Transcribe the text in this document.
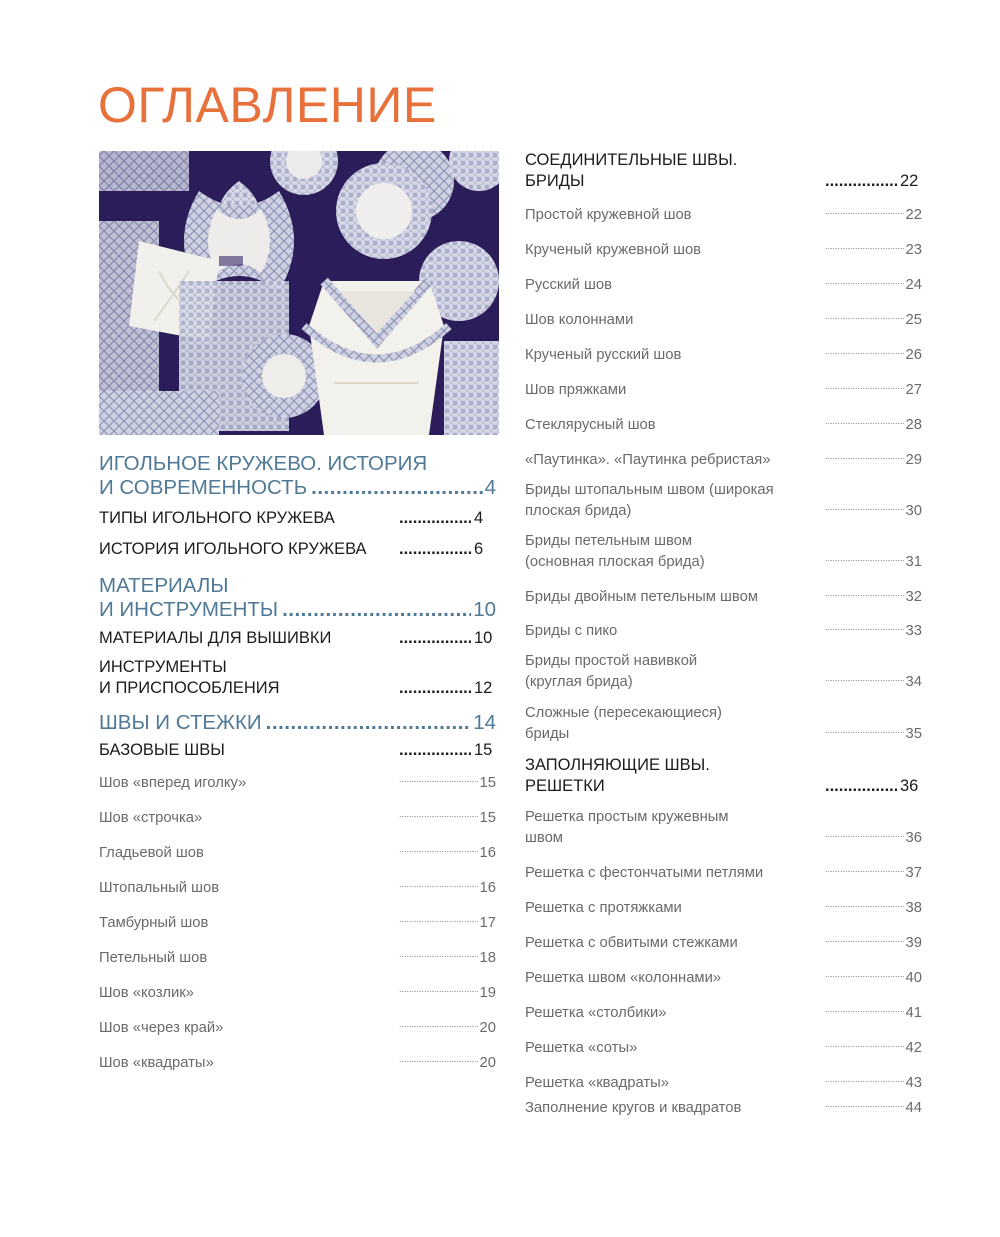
ОГЛАВЛЕНИЕ
ИГОЛЬНОЕ КРУЖЕВО. ИСТОРИЯ
И СОВРЕМЕННОСТЬ .....	4
ТИПЫ ИГОЛЬНОГО КРУЖЕВА .....	4
ИСТОРИЯ ИГОЛЬНОГО КРУЖЕВА .....	6
МАТЕРИАЛЫ
И ИНСТРУМЕНТЫ .....	10
МАТЕРИАЛЫ ДЛЯ ВЫШИВКИ .....	10
ИНСТРУМЕНТЫ
И ПРИСПОСОБЛЕНИЯ .....	12
ШВЫ И СТЕЖКИ .....	14
БАЗОВЫЕ ШВЫ .....	15
Шов «вперед иголку» .....	15
Шов «строчка» .....	15
Гладьевой шов .....	16
Штопальный шов .....	16
Тамбурный шов .....	17
Петельный шов .....	18
Шов «козлик» .....	19
Шов «через край» .....	20
Шов «квадраты» .....	20
СОЕДИНИТЕЛЬНЫЕ ШВЫ.
БРИДЫ .....	22
Простой кружевной шов .....	22
Крученый кружевной шов .....	23
Русский шов .....	24
Шов колоннами .....	25
Крученый русский шов .....	26
Шов пряжками .....	27
Стеклярусный шов .....	28
«Паутинка». «Паутинка ребристая» .....	29
Бриды штопальным швом (широкая
плоская брида) .....	30
Бриды петельным швом
(основная плоская брида) .....	31
Бриды двойным петельным швом .....	32
Бриды с пико .....	33
Бриды простой навивкой
(круглая брида) .....	34
Сложные (пересекающиеся)
бриды .....	35
ЗАПОЛНЯЮЩИЕ ШВЫ.
РЕШЕТКИ .....	36
Решетка простым кружевным
швом .....	36
Решетка с фестончатыми петлями .....	37
Решетка с протяжками .....	38
Решетка с обвитыми стежками .....	39
Решетка швом «колоннами» .....	40
Решетка «столбики» .....	41
Решетка «соты» .....	42
Решетка «квадраты» .....	43
Заполнение кругов и квадратов .....	44
